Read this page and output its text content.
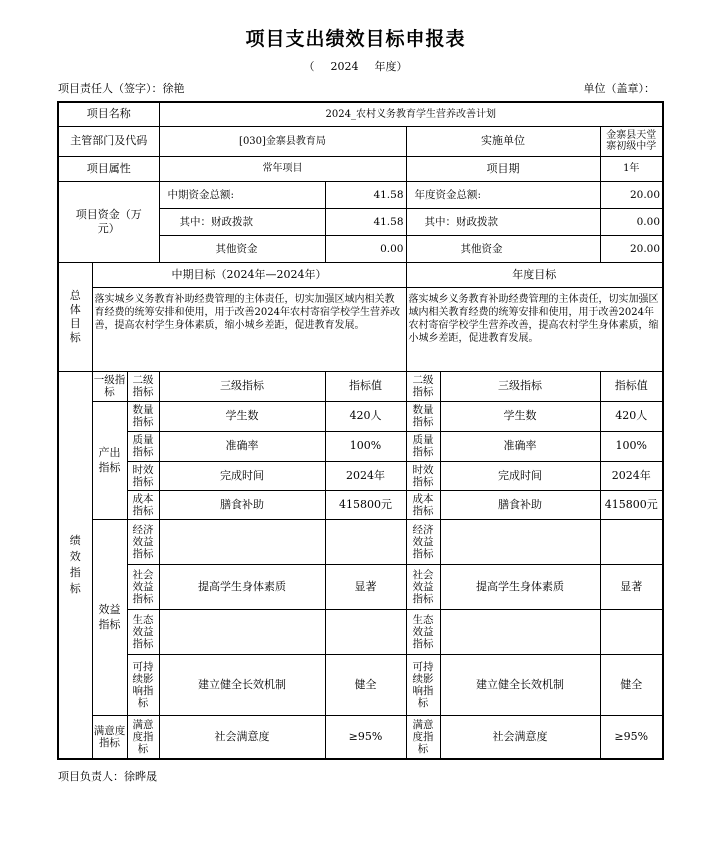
项目支出绩效目标申报表
（ 2024 年度）
项目责任人（签字）：徐艳	单位（盖章）：
项目名称			2024_农村义务教育学生营养改善计划				
主管部门及代码			[030]金寨县教育局		实施单位		金寨县天堂寨初级中学
项目属性			常年项目		项目期		1年

项目资金（万元）			中期资金总额:	41.58	年度资金总额:		20.00
			其中：财政拨款	41.58	其中：财政拨款		0.00
			其他资金	0.00	其他资金		20.00

总体目标	中期目标（2024年—2024年）				年度目标		
	落实城乡义务教育补助经费管理的主体责任，切实加强区域内相关教育经费的统筹安排和使用，用于改善2024年农村寄宿学校学生营养改善，提高农村学生身体素质，缩小城乡差距，促进教育发展。				落实城乡义务教育补助经费管理的主体责任，切实加强区域内相关教育经费的统筹安排和使用，用于改善2024年农村寄宿学校学生营养改善，提高农村学生身体素质，缩小城乡差距，促进教育发展。		

绩效指标	一级指标	二级指标	三级指标	指标值	二级指标	三级指标	指标值

	产出指标	数量指标	学生数	420人	数量指标	学生数	420人
		质量指标	准确率	100%	质量指标	准确率	100%
		时效指标	完成时间	2024年	时效指标	完成时间	2024年
		成本指标	膳食补助	415800元	成本指标	膳食补助	415800元

	效益指标	经济效益指标			经济效益指标		
		社会效益指标	提高学生身体素质	显著	社会效益指标	提高学生身体素质	显著
		生态效益指标			生态效益指标		
		可持续影响指标	建立健全长效机制	健全	可持续影响指标	建立健全长效机制	健全
	满意度指标	满意度指标	社会满意度	≥95%	满意度指标	社会满意度	≥95%
项目负责人：徐晔晟
